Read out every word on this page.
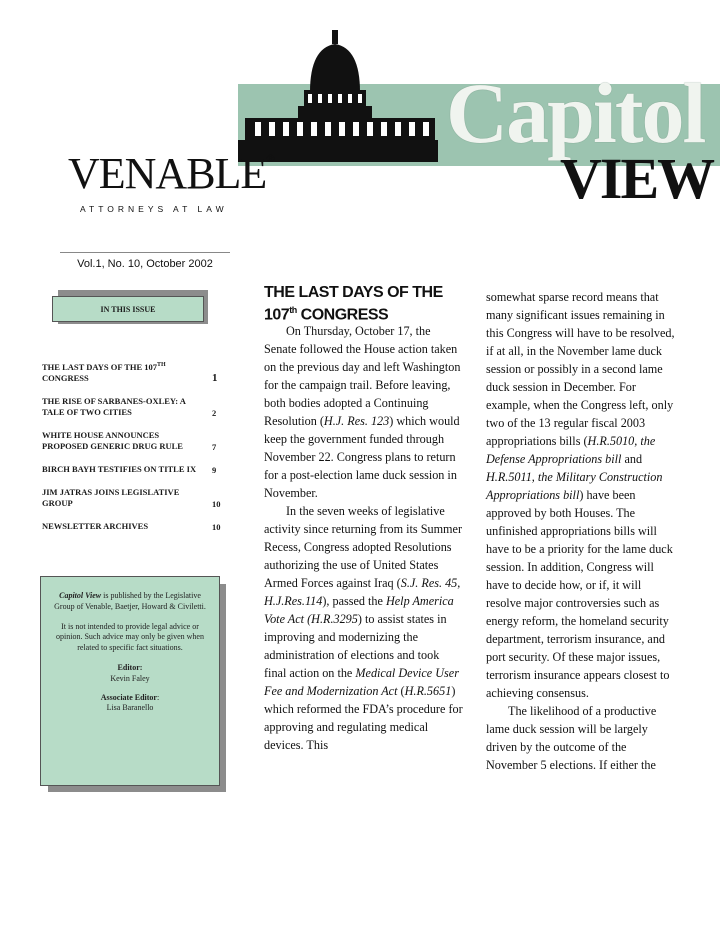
Capitol
VIEW
VENABLE®
ATTORNEYS AT LAW
Vol.1, No. 10, October 2002
IN THIS ISSUE
THE LAST DAYS OF THE 107TH CONGRESS	1
THE RISE OF SARBANES-OXLEY: A TALE OF TWO CITIES	2
WHITE HOUSE ANNOUNCES PROPOSED GENERIC DRUG RULE	7
BIRCH BAYH TESTIFIES ON TITLE IX	9
JIM JATRAS JOINS LEGISLATIVE GROUP	10
NEWSLETTER ARCHIVES	10

Capitol View is published by the Legislative Group of Venable, Baetjer, Howard & Civiletti.

It is not intended to provide legal advice or opinion. Such advice may only be given when related to specific fact situations.

Editor:
Kevin Faley

Associate Editor:
Lisa Baranello

THE LAST DAYS OF THE
107th CONGRESS

On Thursday, October 17, the Senate followed the House action taken on the previous day and left Washington for the campaign trail. Before leaving, both bodies adopted a Continuing Resolution (H.J. Res. 123) which would keep the government funded through November 22. Congress plans to return for a post-election lame duck session in November.

In the seven weeks of legislative activity since returning from its Summer Recess, Congress adopted Resolutions authorizing the use of United States Armed Forces against Iraq (S.J. Res. 45, H.J.Res.114), passed the Help America Vote Act (H.R.3295) to assist states in improving and modernizing the administration of elections and took final action on the Medical Device User Fee and Modernization Act (H.R.5651) which reformed the FDA’s procedure for approving and regulating medical devices. This

somewhat sparse record means that many significant issues remaining in this Congress will have to be resolved, if at all, in the November lame duck session or possibly in a second lame duck session in December. For example, when the Congress left, only two of the 13 regular fiscal 2003 appropriations bills (H.R.5010, the Defense Appropriations bill and H.R.5011, the Military Construction Appropriations bill) have been approved by both Houses. The unfinished appropriations bills will have to be a priority for the lame duck session. In addition, Congress will have to decide how, or if, it will resolve major controversies such as energy reform, the homeland security department, terrorism insurance, and port security. Of these major issues, terrorism insurance appears closest to achieving consensus.

The likelihood of a productive lame duck session will be largely driven by the outcome of the November 5 elections. If either the
